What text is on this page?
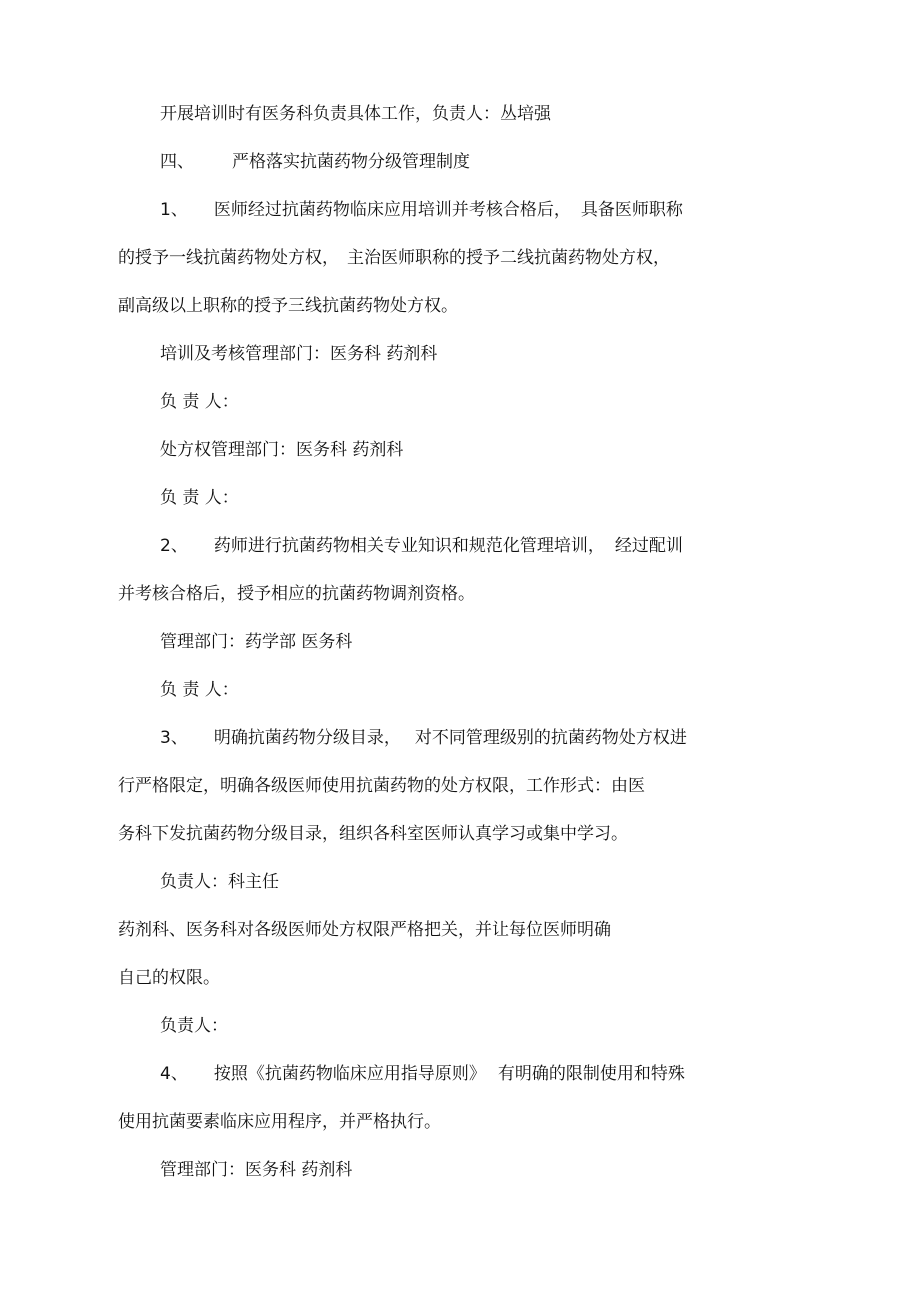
开展培训时有医务科负责具体工作，负责人：丛培强
四、 严格落实抗菌药物分级管理制度
1、 医师经过抗菌药物临床应用培训并考核合格后， 具备医师职称
的授予一线抗菌药物处方权， 主治医师职称的授予二线抗菌药物处方权，
副高级以上职称的授予三线抗菌药物处方权。
培训及考核管理部门：医务科 药剂科
负 责 人：
处方权管理部门：医务科 药剂科
负 责 人：
2、 药师进行抗菌药物相关专业知识和规范化管理培训， 经过配训
并考核合格后，授予相应的抗菌药物调剂资格。
管理部门：药学部 医务科
负 责 人：
3、 明确抗菌药物分级目录， 对不同管理级别的抗菌药物处方权进
行严格限定，明确各级医师使用抗菌药物的处方权限，工作形式：由医
务科下发抗菌药物分级目录，组织各科室医师认真学习或集中学习。
负责人：科主任
药剂科、医务科对各级医师处方权限严格把关，并让每位医师明确
自己的权限。
负责人：
4、 按照《抗菌药物临床应用指导原则》 有明确的限制使用和特殊
使用抗菌要素临床应用程序，并严格执行。
管理部门：医务科 药剂科
